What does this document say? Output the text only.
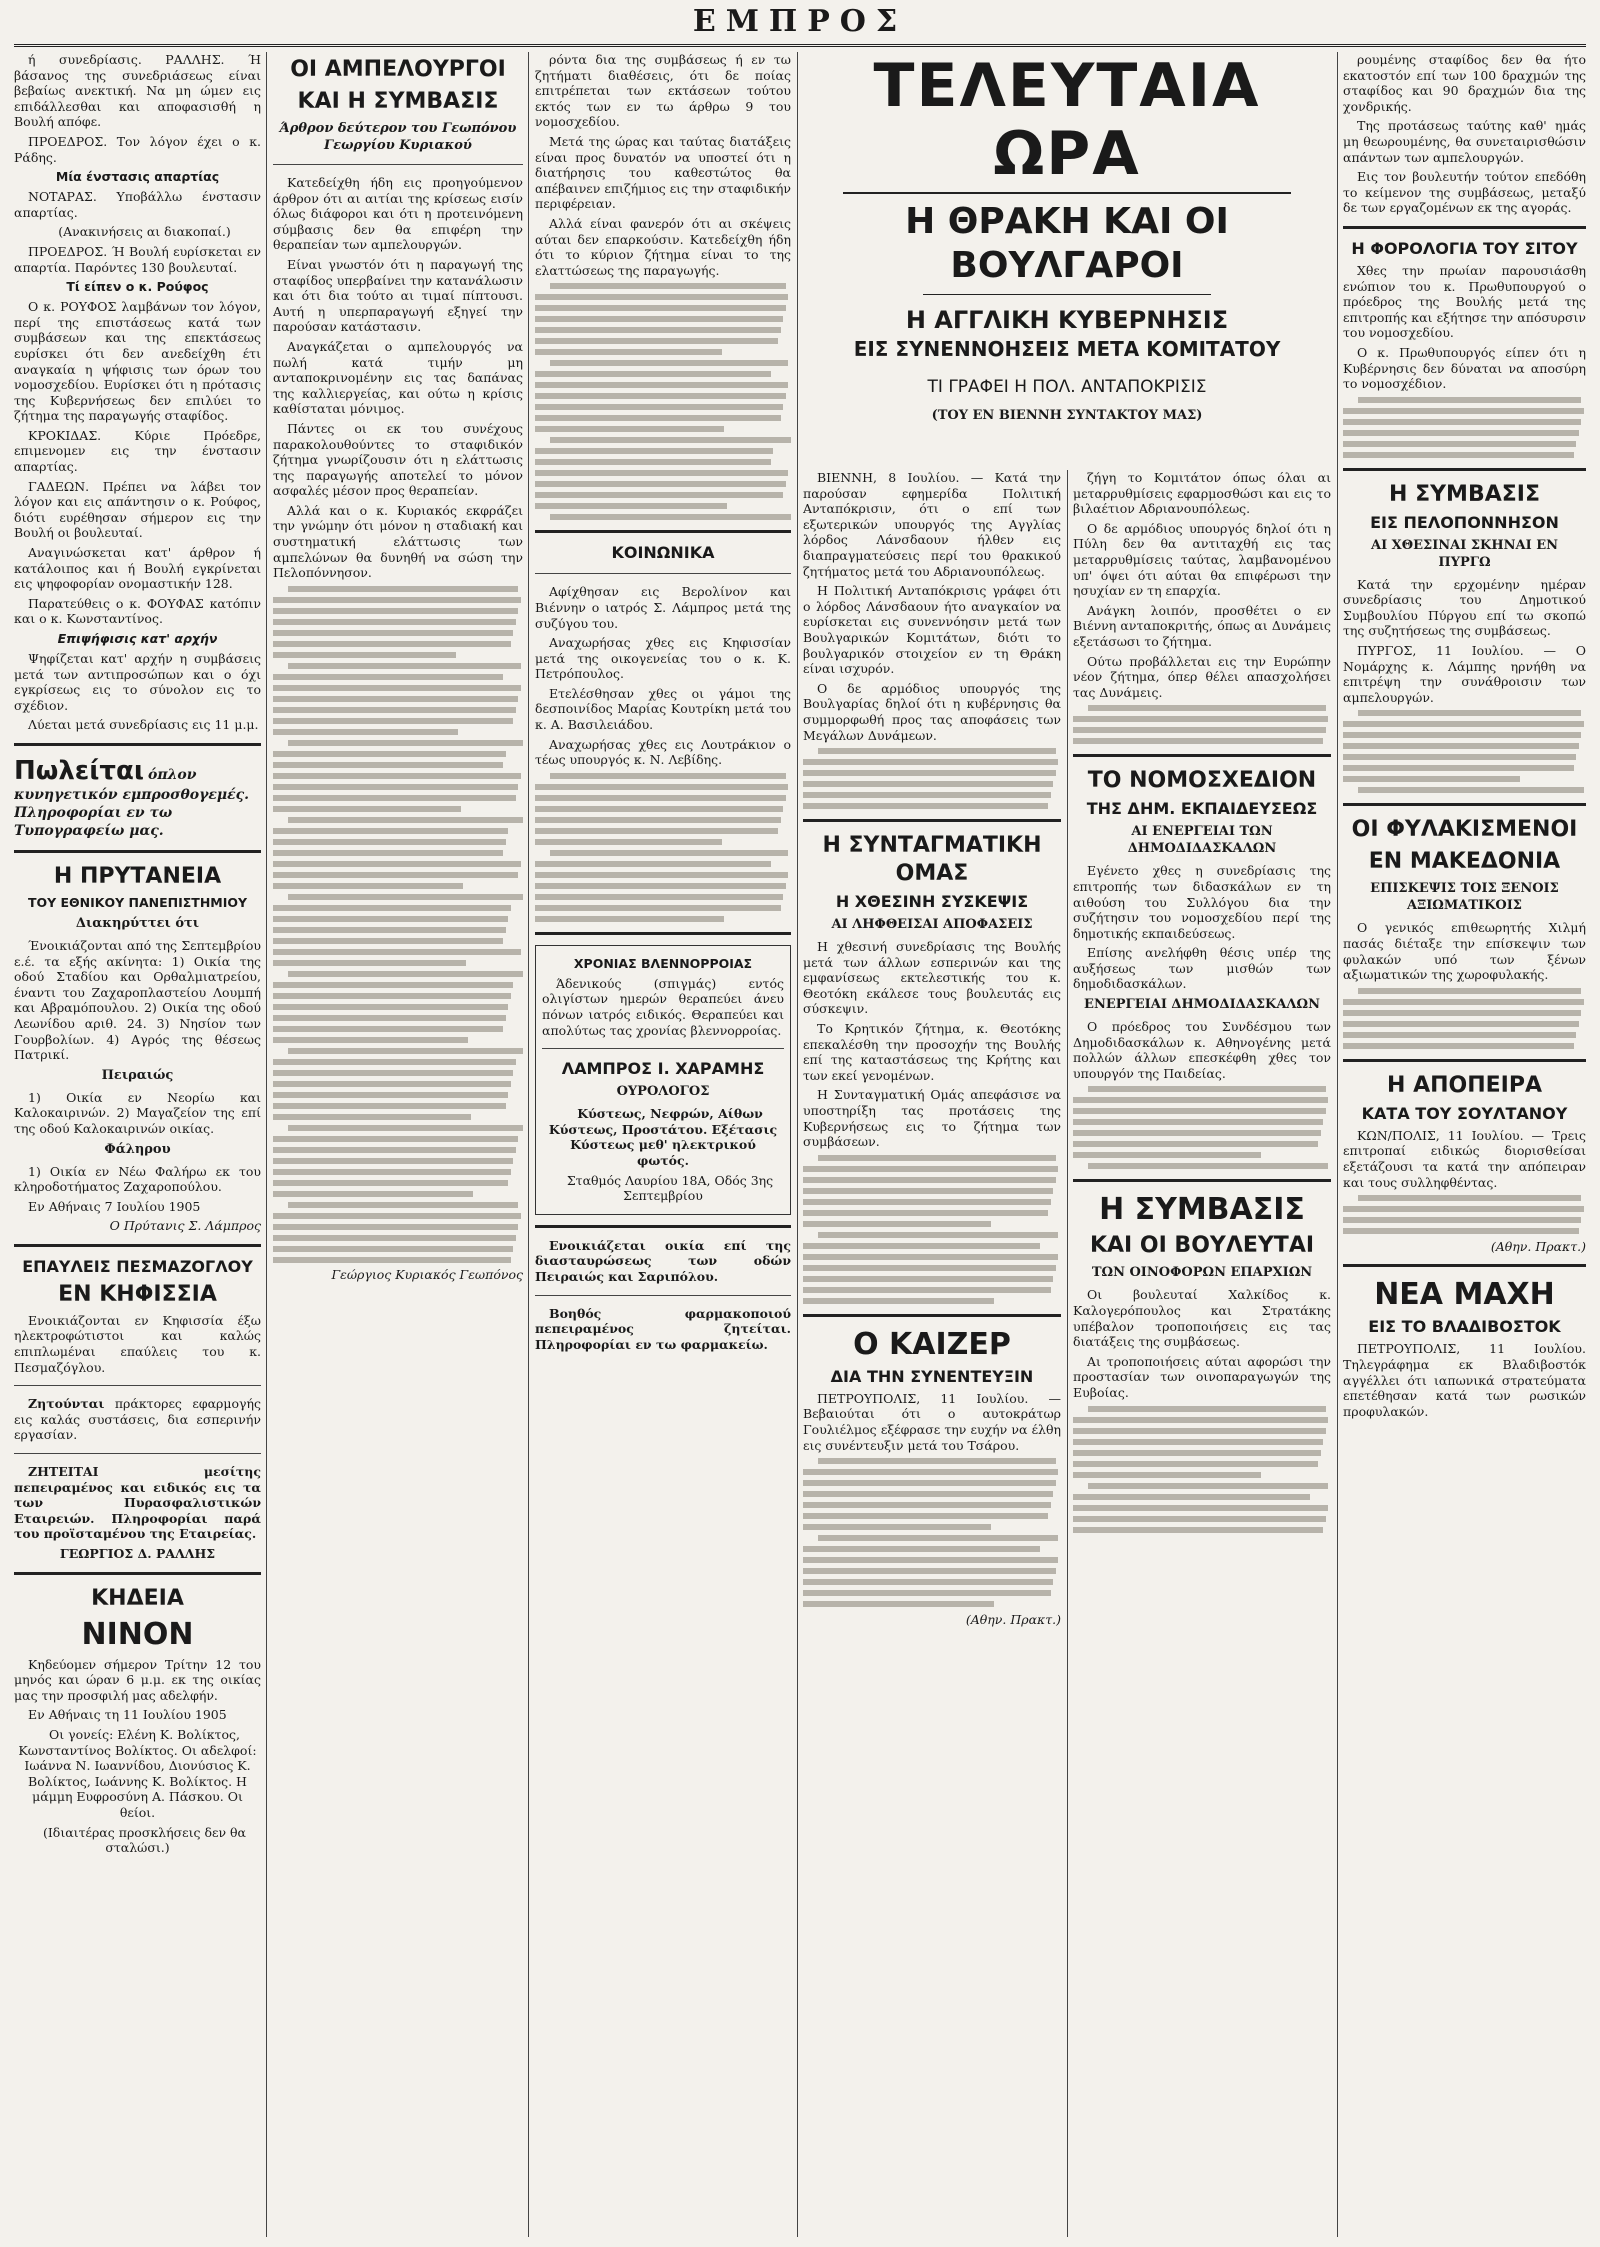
ΕΜΠΡΟΣ
ή συνεδρίασις. ΡΑΛΛΗΣ. Ή βάσανος της συνεδριάσεως είναι βεβαίως ανεκτική. Να μη ώμεν εις επιδάλλεσθαι και αποφασισθή η Βουλή απόφε.
ΠΡΟΕΔΡΟΣ. Τον λόγον έχει ο κ. Ράδης.
Μία ένστασις απαρτίας
ΝΟΤΑΡΑΣ. Υποβάλλω ένστασιν απαρτίας.
(Ανακινήσεις αι διακοπαί.)
ΠΡΟΕΔΡΟΣ. Ή Βουλή ευρίσκεται εν απαρτία. Παρόντες 130 βουλευταί.
Τί είπεν ο κ. Ρούφος
Ο κ. ΡΟΥΦΟΣ λαμβάνων τον λόγον, περί της επιστάσεως κατά των συμβάσεων και της επεκτάσεως ευρίσκει ότι δεν ανεδείχθη έτι αναγκαία η ψήφισις των όρων του νομοσχεδίου. Ευρίσκει ότι η πρότασις της Κυβερνήσεως δεν επιλύει το ζήτημα της παραγωγής σταφίδος.
ΚΡΟΚΙΔΑΣ. Κύριε Πρόεδρε, επιμενομεν εις την ένστασιν απαρτίας.
ΓΑΔΕΩΝ. Πρέπει να λάβει τον λόγον και εις απάντησιν ο κ. Ρούφος, διότι ευρέθησαν σήμερον εις την Βουλή οι βουλευταί.
Αναγινώσκεται κατ' άρθρον ή κατάλοιπος και ή Βουλή εγκρίνεται εις ψηφοφορίαν ονομαστικήν 128.
Παρατεύθεις ο κ. ΦΟΥΦΑΣ κατόπιν και ο κ. Κωνσταντίνος.
Επιψήφισις κατ' αρχήν
Ψηφίζεται κατ' αρχήν η συμβάσεις μετά των αντιπροσώπων και ο όχι εγκρίσεως εις το σύνολον εις το σχέδιον.
Λύεται μετά συνεδρίασις εις 11 μ.μ.
Πωλείται όπλον κυνηγετικόν εμπροσθογεμές. Πληροφορίαι εν τω Τυπογραφείω μας.
Η ΠΡΥΤΑΝΕΙΑ
ΤΟΥ ΕΘΝΙΚΟΥ ΠΑΝΕΠΙΣΤΗΜΙΟΥ
Διακηρύττει ότι
Ένοικιάζονται από της Σεπτεμβρίου ε.έ. τα εξής ακίνητα: 1) Οικία της οδού Σταδίου και Ορθαλμιατρείου, έναντι του Ζαχαροπλαστείου Λουμπή και Αβραμόπουλου. 2) Οικία της οδού Λεωνίδου αριθ. 24. 3) Νησίον των Γουρβολίων. 4) Αγρός της θέσεως Πατρικί.
Πειραιώς
1) Οικία εν Νεορίω και Καλοκαιρινών. 2) Μαγαζείον της επί της οδού Καλοκαιρινών οικίας.
Φάληρου
1) Οικία εν Νέω Φαλήρω εκ του κληροδοτήματος Ζαχαροπούλου.
Εν Αθήναις 7 Ιουλίου 1905
Ο Πρύτανις Σ. Λάμπρος
ΕΠΑΥΛΕΙΣ ΠΕΣΜΑΖΟΓΛΟΥ
ΕΝ ΚΗΦΙΣΣΙΑ
Ενοικιάζονται εν Κηφισσία έξω ηλεκτροφώτιστοι και καλώς επιπλωμέναι επαύλεις του κ. Πεσμαζόγλου.
Ζητούνται πράκτορες εφαρμογής εις καλάς συστάσεις, δια εσπερινήν εργασίαν.
ΖΗΤΕΙΤΑΙ	μεσίτης πεπειραμένος και ειδικός εις τα των Πυρασφαλιστικών Εταιρειών. Πληροφορίαι παρά του προϊσταμένου της Εταιρείας.
ΓΕΩΡΓΙΟΣ Δ. ΡΑΛΛΗΣ
ΚΗΔΕΙΑ
ΝΙΝΟΝ
Κηδεύομεν σήμερον Τρίτην 12 του μηνός και ώραν 6 μ.μ. εκ της οικίας μας την προσφιλή μας αδελφήν.
Εν Αθήναις τη 11 Ιουλίου 1905
Οι γονείς: Ελένη Κ. Βολίκτος, Κωνσταντίνος Βολίκτος. Οι αδελφοί: Ιωάννα Ν. Ιωαννίδου, Διονύσιος Κ. Βολίκτος, Ιωάννης Κ. Βολίκτος. Η μάμμη Ευφροσύνη Α. Πάσκου. Οι θείοι.
(Ιδιαιτέρας προσκλήσεις δεν θα σταλώσι.)
ΟΙ ΑΜΠΕΛΟΥΡΓΟΙ
ΚΑΙ Η ΣΥΜΒΑΣΙΣ
Άρθρον δεύτερον του Γεωπόνου Γεωργίου Κυριακού
Κατεδείχθη ήδη εις προηγούμενον άρθρον ότι αι αιτίαι της κρίσεως εισίν όλως διάφοροι και ότι η προτεινόμενη σύμβασις δεν θα επιφέρη την θεραπείαν των αμπελουργών.
Είναι γνωστόν ότι η παραγωγή της σταφίδος υπερβαίνει την κατανάλωσιν και ότι δια τούτο αι τιμαί πίπτουσι. Αυτή η υπερπαραγωγή εξηγεί την παρούσαν κατάστασιν.
Αναγκάζεται ο αμπελουργός να πωλή κατά τιμήν μη ανταποκρινομένην εις τας δαπάνας της καλλιεργείας, και ούτω η κρίσις καθίσταται μόνιμος.
Πάντες οι εκ του συνέχους παρακολουθούντες το σταφιδικόν ζήτημα γνωρίζουσιν ότι η ελάττωσις της παραγωγής αποτελεί το μόνον ασφαλές μέσον προς θεραπείαν.
Αλλά και ο κ. Κυριακός εκφράζει την γνώμην ότι μόνον η σταδιακή και συστηματική ελάττωσις των αμπελώνων θα δυνηθή να σώση την Πελοπόννησον.
Γεώργιος Κυριακός Γεωπόνος
ρόντα δια της συμβάσεως ή εν τω ζητήματι διαθέσεις, ότι δε ποίας επιτρέπεται των εκτάσεων τούτου εκτός των εν τω άρθρω 9 του νομοσχεδίου.
Μετά της ώρας και ταύτας διατάξεις είναι προς δυνατόν να υποστεί ότι η διατήρησις του καθεστώτος θα απέβαινεν επιζήμιος εις την σταφιδικήν περιφέρειαν.
Αλλά είναι φανερόν ότι αι σκέψεις αύται δεν επαρκούσιν. Κατεδείχθη ήδη ότι το κύριον ζήτημα είναι το της ελαττώσεως της παραγωγής.
ΚΟΙΝΩΝΙΚΑ
Αφίχθησαν εις Βερολίνον και Βιέννην ο ιατρός Σ. Λάμπρος μετά της συζύγου του.
Αναχωρήσας χθες εις Κηφισσίαν μετά της οικογενείας του ο κ. Κ. Πετρόπουλος.
Ετελέσθησαν χθες οι γάμοι της δεσποινίδος Μαρίας Κουτρίκη μετά του κ. Α. Βασιλειάδου.
Αναχωρήσας χθες εις Λουτράκιον ο τέως υπουργός κ. Ν. Λεβίδης.
ΧΡΟΝΙΑΣ ΒΛΕΝΝΟΡΡΟΙΑΣ
Άδενικούς (σπιγμάς) εντός ολιγίστων ημερών θεραπεύει άνευ πόνων ιατρός ειδικός. Θεραπεύει και απολύτως τας χρονίας βλεννορροίας.
ΛΑΜΠΡΟΣ Ι. ΧΑΡΑΜΗΣ
ΟΥΡΟΛΟΓΟΣ
Κύστεως, Νεφρών, Αίθων Κύστεως, Προστάτου. Εξέτασις Κύστεως μεθ' ηλεκτρικού φωτός.
Σταθμός Λαυρίου 18Α, Οδός 3ης Σεπτεμβρίου
Ενοικιάζεται οικία επί της διασταυρώσεως των οδών Πειραιώς και Σαριπόλου.
Βοηθός φαρμακοποιού πεπειραμένος ζητείται. Πληροφορίαι εν τω φαρμακείω.
ΤΕΛΕΥΤΑΙΑ ΩΡΑ
Η ΘΡΑΚΗ ΚΑΙ ΟΙ ΒΟΥΛΓΑΡΟΙ
Η ΑΓΓΛΙΚΗ ΚΥΒΕΡΝΗΣΙΣ
ΕΙΣ ΣΥΝΕΝΝΟΗΣΕΙΣ ΜΕΤΑ ΚΟΜΙΤΑΤΟΥ
ΤΙ ΓΡΑΦΕΙ Η ΠΟΛ. ΑΝΤΑΠΟΚΡΙΣΙΣ
(ΤΟΥ ΕΝ ΒΙΕΝΝΗ ΣΥΝΤΑΚΤΟΥ ΜΑΣ)
ΒΙΕΝΝΗ, 8 Ιουλίου. — Κατά την παρούσαν εφημερίδα Πολιτική Ανταπόκρισιν, ότι ο επί των εξωτερικών υπουργός της Αγγλίας λόρδος Λάνσδαουν ήλθεν εις διαπραγματεύσεις περί του θρακικού ζητήματος μετά του Αδριανουπόλεως.
Η Πολιτική Ανταπόκρισις γράφει ότι ο λόρδος Λάνσδαουν ήτο αναγκαίον να ευρίσκεται εις συνεννόησιν μετά των Βουλγαρικών Κομιτάτων, διότι το βουλγαρικόν στοιχείον εν τη Θράκη είναι ισχυρόν.
Ο δε αρμόδιος υπουργός της Βουλγαρίας δηλοί ότι η κυβέρνησις θα συμμορφωθή προς τας αποφάσεις των Μεγάλων Δυνάμεων.
Η ΣΥΝΤΑΓΜΑΤΙΚΗ ΟΜΑΣ
Η ΧΘΕΣΙΝΗ ΣΥΣΚΕΨΙΣ
ΑΙ ΛΗΦΘΕΙΣΑΙ ΑΠΟΦΑΣΕΙΣ
Η χθεσινή συνεδρίασις της Βουλής μετά των άλλων εσπερινών και της εμφανίσεως εκτελεστικής του κ. Θεοτόκη εκάλεσε τους βουλευτάς εις σύσκεψιν.
Το Κρητικόν ζήτημα, κ. Θεοτόκης επεκαλέσθη την προσοχήν της Βουλής επί της καταστάσεως της Κρήτης και των εκεί γενομένων.
Η Συνταγματική Ομάς απεφάσισε να υποστηρίξη τας προτάσεις της Κυβερνήσεως εις το ζήτημα των συμβάσεων.
Ο ΚΑΙΖΕΡ
ΔΙΑ ΤΗΝ ΣΥΝΕΝΤΕΥΞΙΝ
ΠΕΤΡΟΥΠΟΛΙΣ, 11 Ιουλίου. — Βεβαιούται ότι ο αυτοκράτωρ Γουλιέλμος εξέφρασε την ευχήν να έλθη εις συνέντευξιν μετά του Τσάρου.
(Αθην. Πρακτ.)
ζήγη το Κομιτάτον όπως όλαι αι μεταρρυθμίσεις εφαρμοσθώσι και εις το βιλαέτιον Αδριανουπόλεως.
Ο δε αρμόδιος υπουργός δηλοί ότι η Πύλη δεν θα αντιταχθή εις τας μεταρρυθμίσεις ταύτας, λαμβανομένου υπ' όψει ότι αύται θα επιφέρωσι την ησυχίαν εν τη επαρχία.
Ανάγκη λοιπόν, προσθέτει ο εν Βιέννη ανταποκριτής, όπως αι Δυνάμεις εξετάσωσι το ζήτημα.
Ούτω προβάλλεται εις την Ευρώπην νέον ζήτημα, όπερ θέλει απασχολήσει τας Δυνάμεις.
ΤΟ ΝΟΜΟΣΧΕΔΙΟΝ
ΤΗΣ ΔΗΜ. ΕΚΠΑΙΔΕΥΣΕΩΣ
ΑΙ ΕΝΕΡΓΕΙΑΙ ΤΩΝ ΔΗΜΟΔΙΔΑΣΚΑΛΩΝ
Εγένετο χθες η συνεδρίασις της επιτροπής των διδασκάλων εν τη αιθούση του Συλλόγου δια την συζήτησιν του νομοσχεδίου περί της δημοτικής εκπαιδεύσεως.
Επίσης ανελήφθη θέσις υπέρ της αυξήσεως των μισθών των δημοδιδασκάλων.
ΕΝΕΡΓΕΙΑΙ ΔΗΜΟΔΙΔΑΣΚΑΛΩΝ
Ο πρόεδρος του Συνδέσμου των Δημοδιδασκάλων κ. Αθηνογένης μετά πολλών άλλων επεσκέφθη χθες τον υπουργόν της Παιδείας.
Η ΣΥΜΒΑΣΙΣ
ΚΑΙ ΟΙ ΒΟΥΛΕΥΤΑΙ
ΤΩΝ ΟΙΝΟΦΟΡΩΝ ΕΠΑΡΧΙΩΝ
Οι βουλευταί Χαλκίδος κ. Καλογερόπουλος και Στρατάκης υπέβαλον τροποποιήσεις εις τας διατάξεις της συμβάσεως.
Αι τροποποιήσεις αύται αφορώσι την προστασίαν των οινοπαραγωγών της Ευβοίας.
ρουμένης σταφίδος δεν θα ήτο εκατοστόν επί των 100 δραχμών της σταφίδος και 90 δραχμών δια της χονδρικής.
Της προτάσεως ταύτης καθ' ημάς μη θεωρουμένης, θα συνεταιρισθώσιν απάντων των αμπελουργών.
Εις τον βουλευτήν τούτον επεδόθη το κείμενον της συμβάσεως, μεταξύ δε των εργαζομένων εκ της αγοράς.
Η ΦΟΡΟΛΟΓΙΑ ΤΟΥ ΣΙΤΟΥ
Χθες την πρωίαν παρουσιάσθη ενώπιον του κ. Πρωθυπουργού ο πρόεδρος της Βουλής μετά της επιτροπής και εξήτησε την απόσυρσιν του νομοσχεδίου.
Ο κ. Πρωθυπουργός είπεν ότι η Κυβέρνησις δεν δύναται να αποσύρη το νομοσχέδιον.
Η ΣΥΜΒΑΣΙΣ
ΕΙΣ ΠΕΛΟΠΟΝΝΗΣΟΝ
ΑΙ ΧΘΕΣΙΝΑΙ ΣΚΗΝΑΙ ΕΝ ΠΥΡΓΩ
Κατά την ερχομένην ημέραν συνεδρίασις του Δημοτικού Συμβουλίου Πύργου επί τω σκοπώ της συζητήσεως της συμβάσεως.
ΠΥΡΓΟΣ, 11 Ιουλίου. — Ο Νομάρχης κ. Λάμπης ηρνήθη να επιτρέψη την συνάθροισιν των αμπελουργών.
ΟΙ ΦΥΛΑΚΙΣΜΕΝΟΙ
ΕΝ ΜΑΚΕΔΟΝΙΑ
ΕΠΙΣΚΕΨΙΣ ΤΟΙΣ ΞΕΝΟΙΣ ΑΞΙΩΜΑΤΙΚΟΙΣ
Ο γενικός επιθεωρητής Χιλμή πασάς διέταξε την επίσκεψιν των φυλακών υπό των ξένων αξιωματικών της χωροφυλακής.
Η ΑΠΟΠΕΙΡΑ
ΚΑΤΑ ΤΟΥ ΣΟΥΛΤΑΝΟΥ
ΚΩΝ/ΠΟΛΙΣ, 11 Ιουλίου. — Τρεις επιτροπαί ειδικώς διορισθείσαι εξετάζουσι τα κατά την απόπειραν και τους συλληφθέντας.
(Αθην. Πρακτ.)
ΝΕΑ ΜΑΧΗ
ΕΙΣ ΤΟ ΒΛΑΔΙΒΟΣΤΟΚ
ΠΕΤΡΟΥΠΟΛΙΣ, 11 Ιουλίου. Τηλεγράφημα εκ Βλαδιβοστόκ αγγέλλει ότι ιαπωνικά στρατεύματα επετέθησαν κατά των ρωσικών προφυλακών.
